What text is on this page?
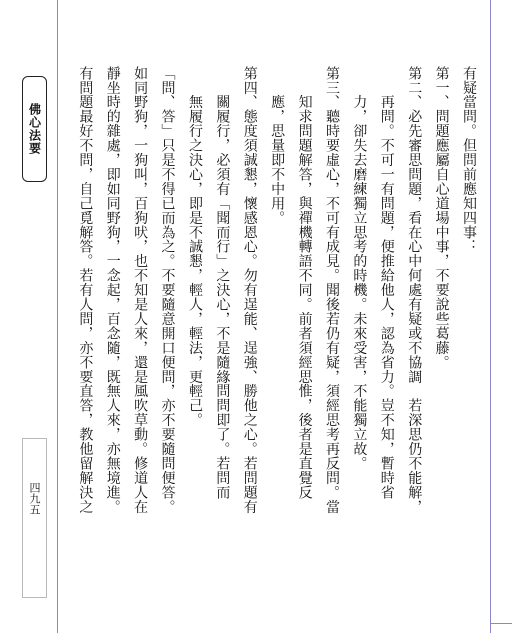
佛心法要
四九五
有疑當問。但問前應知四事：
第一、問題應屬自心道場中事，不要說些葛藤。
第二、必先審思問題，看在心中何處有疑或不協調　若深思仍不能解，
　　再問。不可一有問題，便推給他人，認為省力。豈不知，暫時省
　　力，卻失去磨練獨立思考的時機。未來受害，不能獨立故。
第三、聽時要虛心，不可有成見。聞後若仍有疑，須經思考再反問。當
　　知求問題解答，與禪機轉語不同。前者須經思惟，後者是直覺反
　　應，思量即不中用。
第四、態度須誠懇，懷感恩心。勿有逞能、逞強、勝他之心。若問題有
　　關履行，必須有「聞而行」之決心，不是隨緣問問即了。若問而
　　無履行之決心，即是不誠懇，輕人，輕法，更輕己。
「問、答」只是不得已而為之。不要隨意開口便問，亦不要隨問便答。
如同野狗，一狗叫，百狗吠，也不知是人來，還是風吹草動。修道人在
靜坐時的雜處，即如同野狗，一念起，百念隨，既無人來，亦無境進。
有問題最好不問，自己覓解答。若有人問，亦不要直答，教他留解決之
